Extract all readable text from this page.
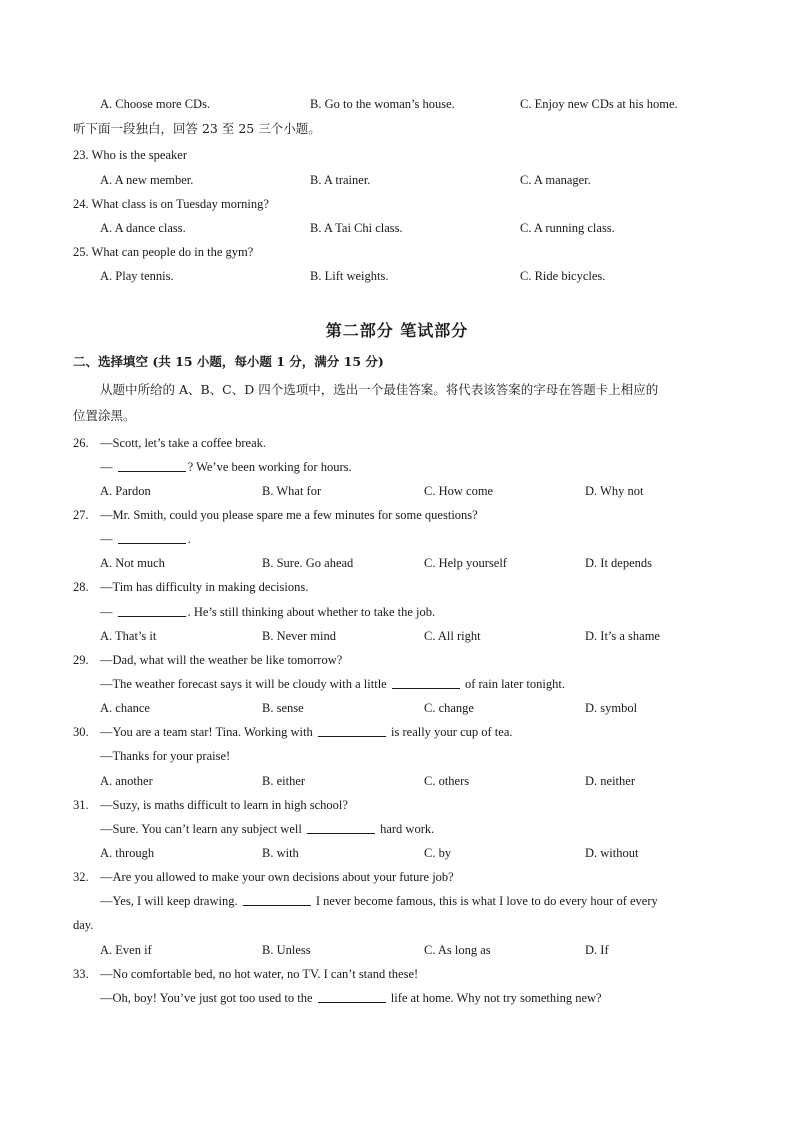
A. Choose more CDs.	B. Go to the woman’s house.	C. Enjoy new CDs at his home.
听下面一段独白，回答 23 至 25 三个小题。
23. Who is the speaker
A. A new member.	B. A trainer.	C. A manager.
24. What class is on Tuesday morning?
A. A dance class.	B. A Tai Chi class.	C. A running class.
25. What can people do in the gym?
A. Play tennis.	B. Lift weights.	C. Ride bicycles.
第二部分 笔试部分
二、选择填空 (共 15 小题，每小题 1 分，满分 15 分)
从题中所给的 A、B、C、D 四个选项中，选出一个最佳答案。将代表该答案的字母在答题卡上相应的
位置涂黑。
26. —Scott, let’s take a coffee break.
—	? We’ve been working for hours.
A. Pardon	B. What for	C. How come	D. Why not
27. —Mr. Smith, could you please spare me a few minutes for some questions?
—	.
A. Not much	B. Sure. Go ahead	C. Help yourself	D. It depends
28. —Tim has difficulty in making decisions.
—	. He’s still thinking about whether to take the job.
A. That’s it	B. Never mind	C. All right	D. It’s a shame
29. —Dad, what will the weather be like tomorrow?
—The weather forecast says it will be cloudy with a little	of rain later tonight.
A. chance	B. sense	C. change	D. symbol
30. —You are a team star! Tina. Working with	is really your cup of tea.
—Thanks for your praise!
A. another	B. either	C. others	D. neither
31. —Suzy, is maths difficult to learn in high school?
—Sure. You can’t learn any subject well	hard work.
A. through	B. with	C. by	D. without
32. —Are you allowed to make your own decisions about your future job?
—Yes, I will keep drawing.	I never become famous, this is what I love to do every hour of every
day.
A. Even if	B. Unless	C. As long as	D. If
33. —No comfortable bed, no hot water, no TV. I can’t stand these!
—Oh, boy! You’ve just got too used to the	life at home. Why not try something new?
